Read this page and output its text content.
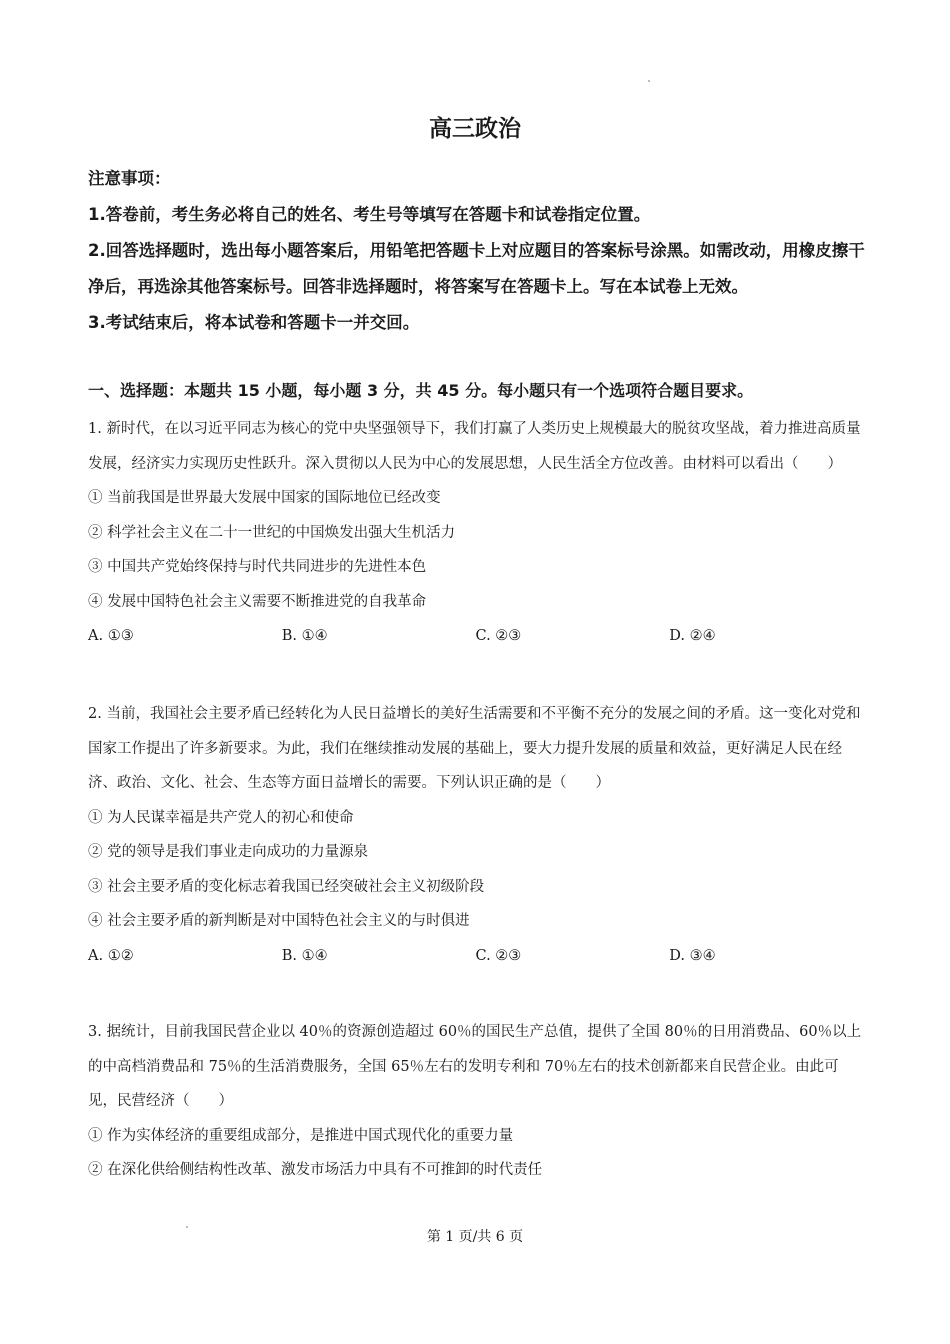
高三政治

注意事项：

1.答卷前，考生务必将自己的姓名、考生号等填写在答题卡和试卷指定位置。

2.回答选择题时，选出每小题答案后，用铅笔把答题卡上对应题目的答案标号涂黑。如需改动，用橡皮擦干净后，再选涂其他答案标号。回答非选择题时，将答案写在答题卡上。写在本试卷上无效。

3.考试结束后，将本试卷和答题卡一并交回。

一、选择题：本题共 15 小题，每小题 3 分，共 45 分。每小题只有一个选项符合题目要求。

1. 新时代，在以习近平同志为核心的党中央坚强领导下，我们打赢了人类历史上规模最大的脱贫攻坚战，着力推进高质量发展，经济实力实现历史性跃升。深入贯彻以人民为中心的发展思想，人民生活全方位改善。由材料可以看出（　　）

① 当前我国是世界最大发展中国家的国际地位已经改变

② 科学社会主义在二十一世纪的中国焕发出强大生机活力

③ 中国共产党始终保持与时代共同进步的先进性本色

④ 发展中国特色社会主义需要不断推进党的自我革命

A. ①③	B. ①④	C. ②③	D. ②④

2. 当前，我国社会主要矛盾已经转化为人民日益增长的美好生活需要和不平衡不充分的发展之间的矛盾。这一变化对党和国家工作提出了许多新要求。为此，我们在继续推动发展的基础上，要大力提升发展的质量和效益，更好满足人民在经济、政治、文化、社会、生态等方面日益增长的需要。下列认识正确的是（　　）

① 为人民谋幸福是共产党人的初心和使命

② 党的领导是我们事业走向成功的力量源泉

③ 社会主要矛盾的变化标志着我国已经突破社会主义初级阶段

④ 社会主要矛盾的新判断是对中国特色社会主义的与时俱进

A. ①②	B. ①④	C. ②③	D. ③④

3. 据统计，目前我国民营企业以 40％的资源创造超过 60％的国民生产总值，提供了全国 80％的日用消费品、60％以上的中高档消费品和 75％的生活消费服务，全国 65％左右的发明专利和 70％左右的技术创新都来自民营企业。由此可见，民营经济（　　）

① 作为实体经济的重要组成部分，是推进中国式现代化的重要力量

② 在深化供给侧结构性改革、激发市场活力中具有不可推卸的时代责任

第 1 页/共 6 页
